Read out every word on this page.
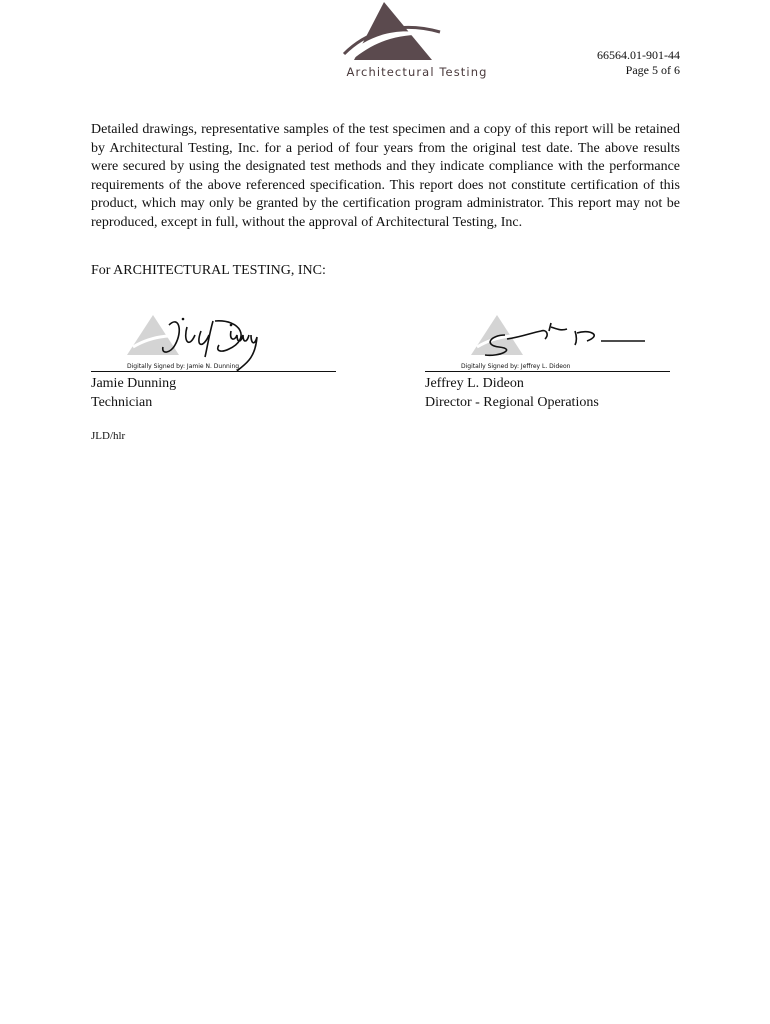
Architectural Testing
66564.01-901-44
Page 5 of 6

Detailed drawings, representative samples of the test specimen and a copy of this report will be retained by Architectural Testing, Inc. for a period of four years from the original test date. The above results were secured by using the designated test methods and they indicate compliance with the performance requirements of the above referenced specification. This report does not constitute certification of this product, which may only be granted by the certification program administrator. This report may not be reproduced, except in full, without the approval of Architectural Testing, Inc.

For ARCHITECTURAL TESTING, INC:
Digitally Signed by: Jamie N. Dunning
Jamie Dunning
Technician
Digitally Signed by: Jeffrey L. Dideon
Jeffrey L. Dideon
Director - Regional Operations
JLD/hlr
